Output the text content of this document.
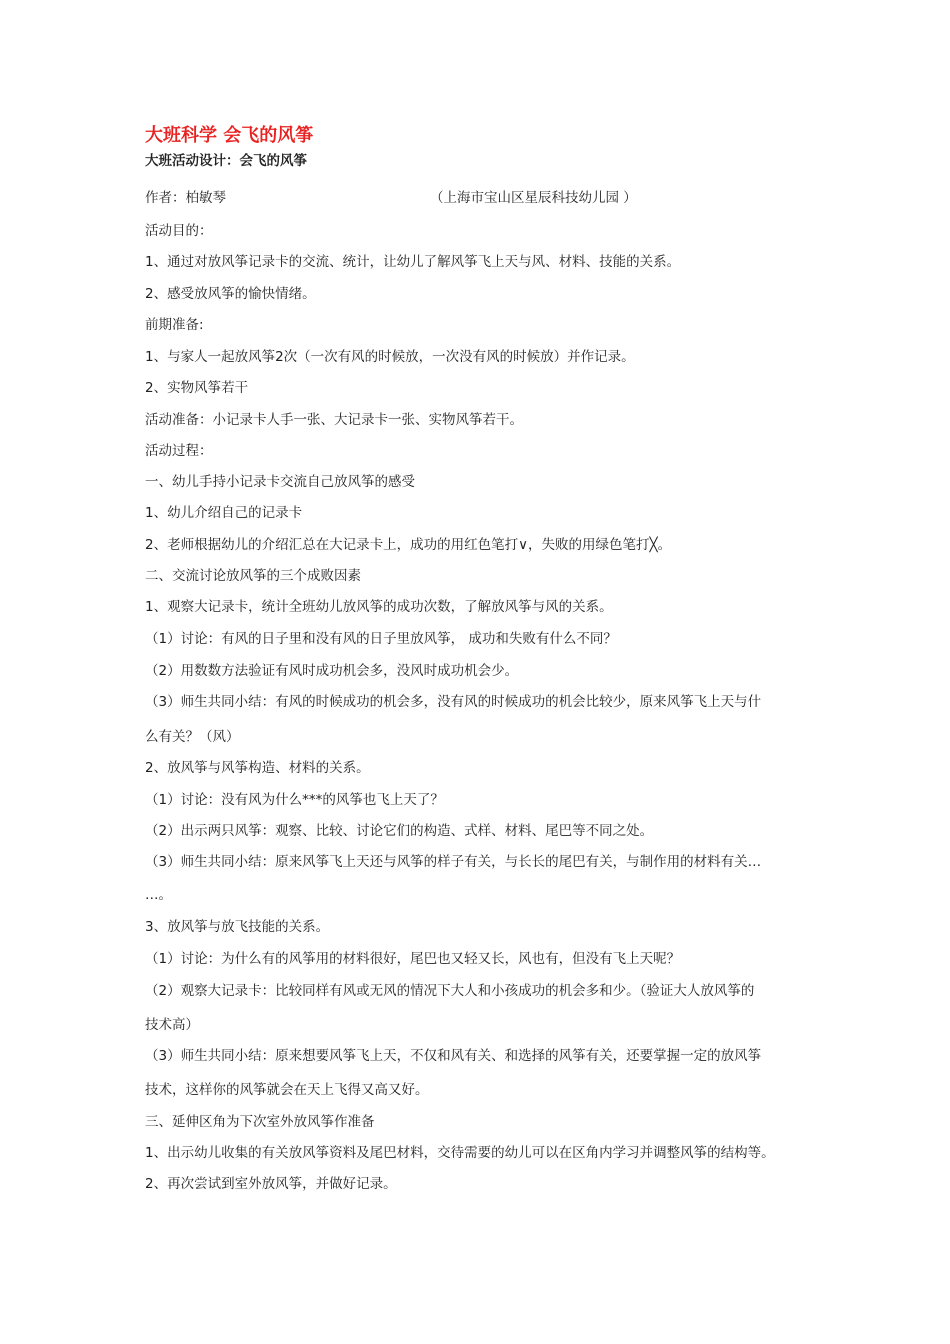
大班科学 会飞的风筝
大班活动设计：会飞的风筝
作者：柏敏琴	（上海市宝山区星辰科技幼儿园 ）
活动目的：
1、通过对放风筝记录卡的交流、统计，让幼儿了解风筝飞上天与风、材料、技能的关系。
2、感受放风筝的愉快情绪。
前期准备:
1、与家人一起放风筝2次（一次有风的时候放，一次没有风的时候放）并作记录。
2、实物风筝若干
活动准备：小记录卡人手一张、大记录卡一张、实物风筝若干。
活动过程：
一、幼儿手持小记录卡交流自己放风筝的感受
1、幼儿介绍自己的记录卡
2、老师根据幼儿的介绍汇总在大记录卡上，成功的用红色笔打∨，失败的用绿色笔打╳。
二、交流讨论放风筝的三个成败因素
1、观察大记录卡，统计全班幼儿放风筝的成功次数，了解放风筝与风的关系。
（1）讨论：有风的日子里和没有风的日子里放风筝， 成功和失败有什么不同？
（2）用数数方法验证有风时成功机会多，没风时成功机会少。
（3）师生共同小结：有风的时候成功的机会多，没有风的时候成功的机会比较少，原来风筝飞上天与什
么有关？（风）
2、放风筝与风筝构造、材料的关系。
（1）讨论：没有风为什么***的风筝也飞上天了？
（2）出示两只风筝：观察、比较、讨论它们的构造、式样、材料、尾巴等不同之处。
（3）师生共同小结：原来风筝飞上天还与风筝的样子有关，与长长的尾巴有关，与制作用的材料有关…
…。
3、放风筝与放飞技能的关系。
（1）讨论：为什么有的风筝用的材料很好，尾巴也又轻又长，风也有，但没有飞上天呢？
（2）观察大记录卡：比较同样有风或无风的情况下大人和小孩成功的机会多和少。（验证大人放风筝的
技术高）
（3）师生共同小结：原来想要风筝飞上天，不仅和风有关、和选择的风筝有关，还要掌握一定的放风筝
技术，这样你的风筝就会在天上飞得又高又好。
三、延伸区角为下次室外放风筝作准备
1、出示幼儿收集的有关放风筝资料及尾巴材料，交待需要的幼儿可以在区角内学习并调整风筝的结构等。
2、再次尝试到室外放风筝，并做好记录。
